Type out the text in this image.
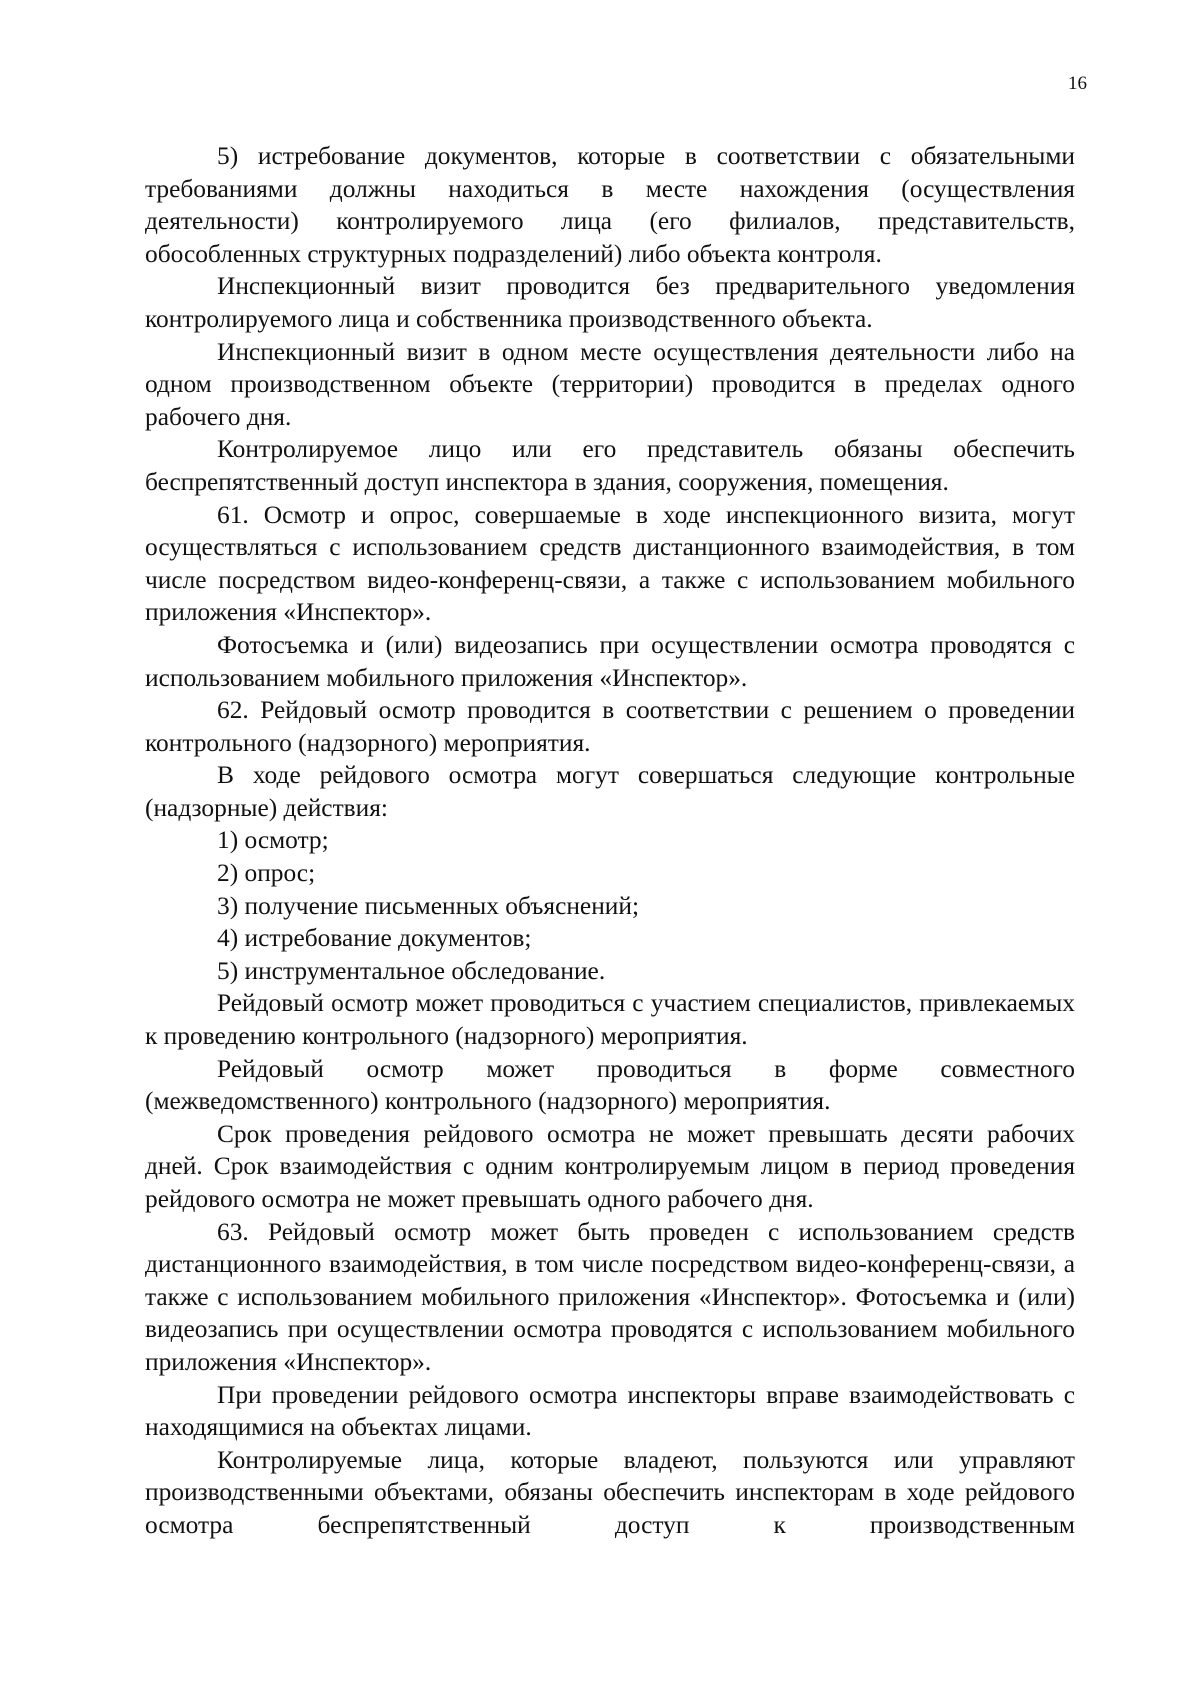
16

5) истребование документов, которые в соответствии с обязательными требованиями должны находиться в месте нахождения (осуществления деятельности) контролируемого лица (его филиалов, представительств, обособленных структурных подразделений) либо объекта контроля.

Инспекционный визит проводится без предварительного уведомления контролируемого лица и собственника производственного объекта.

Инспекционный визит в одном месте осуществления деятельности либо на одном производственном объекте (территории) проводится в пределах одного рабочего дня.

Контролируемое лицо или его представитель обязаны обеспечить беспрепятственный доступ инспектора в здания, сооружения, помещения.

61. Осмотр и опрос, совершаемые в ходе инспекционного визита, могут осуществляться с использованием средств дистанционного взаимодействия, в том числе посредством видео-конференц-связи, а также с использованием мобильного приложения «Инспектор».

Фотосъемка и (или) видеозапись при осуществлении осмотра проводятся с использованием мобильного приложения «Инспектор».

62. Рейдовый осмотр проводится в соответствии с решением о проведении контрольного (надзорного) мероприятия.

В ходе рейдового осмотра могут совершаться следующие контрольные (надзорные) действия:

1) осмотр;

2) опрос;

3) получение письменных объяснений;

4) истребование документов;

5) инструментальное обследование.

Рейдовый осмотр может проводиться с участием специалистов, привлекаемых к проведению контрольного (надзорного) мероприятия.

Рейдовый осмотр может проводиться в форме совместного (межведомственного) контрольного (надзорного) мероприятия.

Срок проведения рейдового осмотра не может превышать десяти рабочих дней. Срок взаимодействия с одним контролируемым лицом в период проведения рейдового осмотра не может превышать одного рабочего дня.

63. Рейдовый осмотр может быть проведен с использованием средств дистанционного взаимодействия, в том числе посредством видео-конференц-связи, а также с использованием мобильного приложения «Инспектор». Фотосъемка и (или) видеозапись при осуществлении осмотра проводятся с использованием мобильного приложения «Инспектор».

При проведении рейдового осмотра инспекторы вправе взаимодействовать с находящимися на объектах лицами.

Контролируемые лица, которые владеют, пользуются или управляют производственными объектами, обязаны обеспечить инспекторам в ходе рейдового осмотра беспрепятственный доступ к производственным
